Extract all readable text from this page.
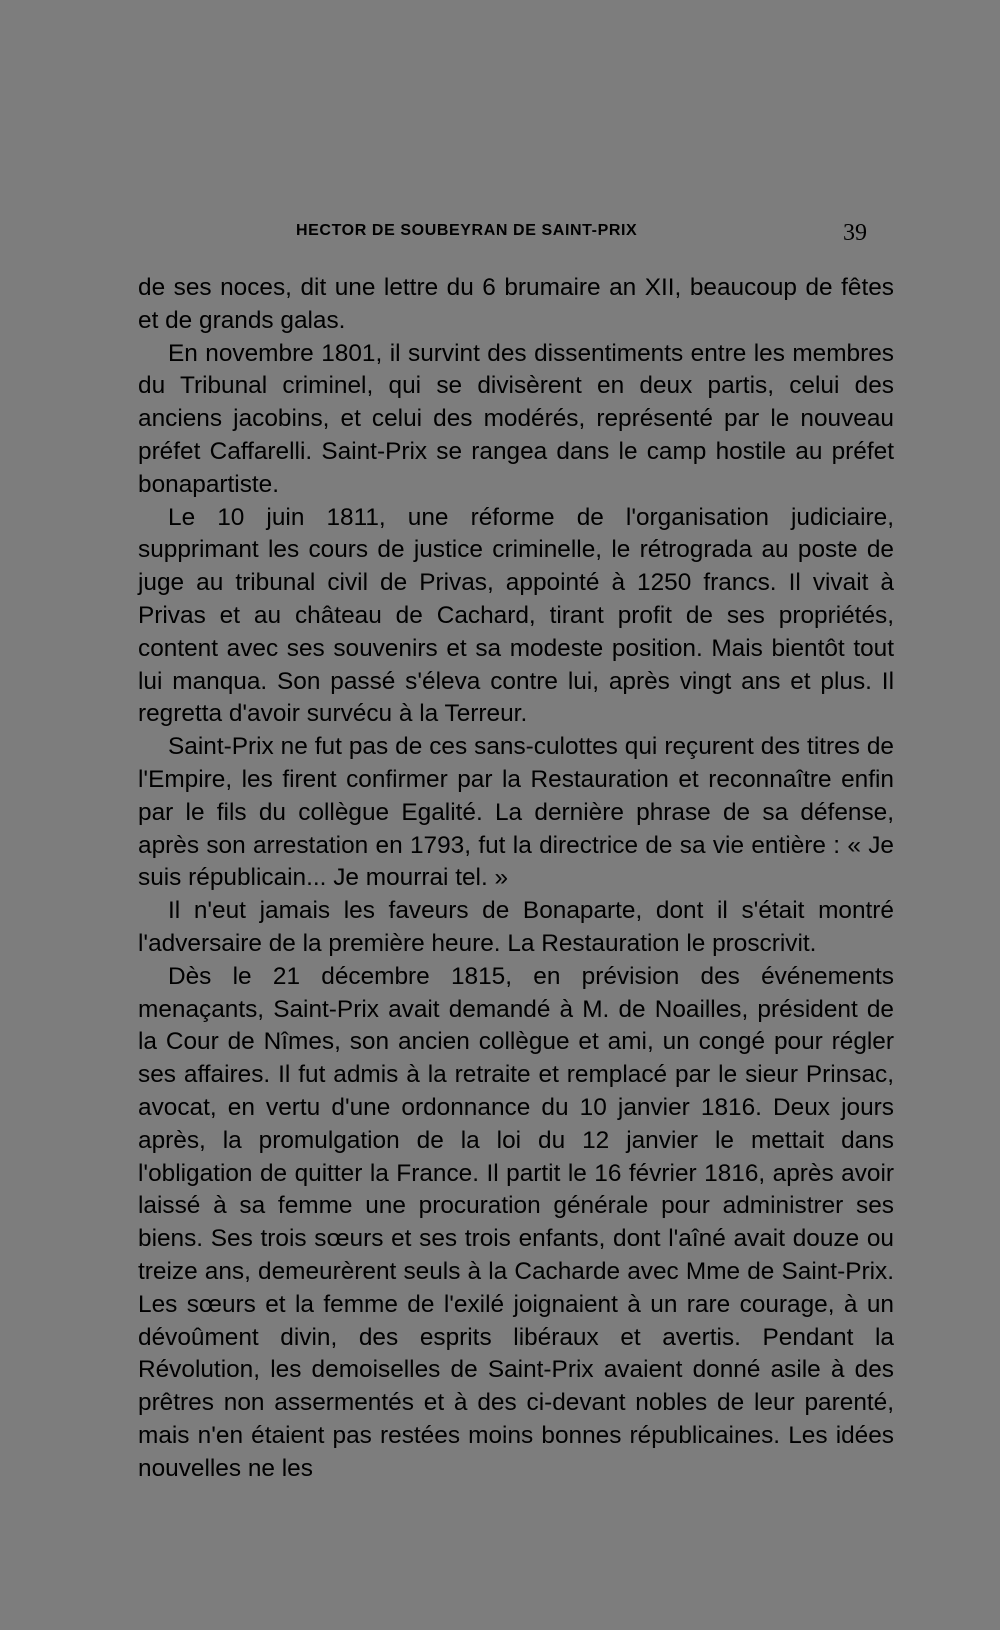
HECTOR DE SOUBEYRAN DE SAINT-PRIX	39

de ses noces, dit une lettre du 6 brumaire an XII, beaucoup de fêtes et de grands galas.

En novembre 1801, il survint des dissentiments entre les membres du Tribunal criminel, qui se divisèrent en deux partis, celui des anciens jacobins, et celui des modérés, représenté par le nouveau préfet Caffarelli. Saint-Prix se rangea dans le camp hostile au préfet bonapartiste.

Le 10 juin 1811, une réforme de l'organisation judiciaire, supprimant les cours de justice criminelle, le rétrograda au poste de juge au tribunal civil de Privas, appointé à 1250 francs. Il vivait à Privas et au château de Cachard, tirant profit de ses propriétés, content avec ses souvenirs et sa modeste position. Mais bientôt tout lui manqua. Son passé s'éleva contre lui, après vingt ans et plus. Il regretta d'avoir survécu à la Terreur.

Saint-Prix ne fut pas de ces sans-culottes qui reçurent des titres de l'Empire, les firent confirmer par la Restauration et reconnaître enfin par le fils du collègue Egalité. La dernière phrase de sa défense, après son arrestation en 1793, fut la directrice de sa vie entière : « Je suis républicain... Je mourrai tel. »

Il n'eut jamais les faveurs de Bonaparte, dont il s'était montré l'adversaire de la première heure. La Restauration le proscrivit.

Dès le 21 décembre 1815, en prévision des événements menaçants, Saint-Prix avait demandé à M. de Noailles, président de la Cour de Nîmes, son ancien collègue et ami, un congé pour régler ses affaires. Il fut admis à la retraite et remplacé par le sieur Prinsac, avocat, en vertu d'une ordonnance du 10 janvier 1816. Deux jours après, la promulgation de la loi du 12 janvier le mettait dans l'obligation de quitter la France. Il partit le 16 février 1816, après avoir laissé à sa femme une procuration générale pour administrer ses biens. Ses trois sœurs et ses trois enfants, dont l'aîné avait douze ou treize ans, demeurèrent seuls à la Cacharde avec Mme de Saint-Prix. Les sœurs et la femme de l'exilé joignaient à un rare courage, à un dévoûment divin, des esprits libéraux et avertis. Pendant la Révolution, les demoiselles de Saint-Prix avaient donné asile à des prêtres non assermentés et à des ci-devant nobles de leur parenté, mais n'en étaient pas restées moins bonnes républicaines. Les idées nouvelles ne les
